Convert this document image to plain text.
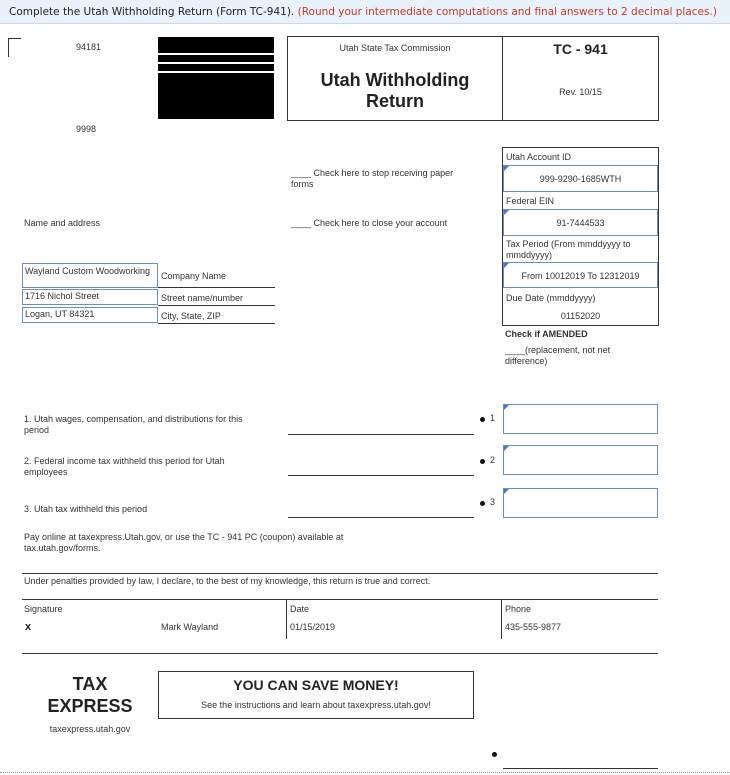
Complete the Utah Withholding Return (Form TC-941). (Round your intermediate computations and final answers to 2 decimal places.)
94181
9998
Utah State Tax Commission
Utah Withholding Return
TC - 941
Rev. 10/15
____ Check here to stop receiving paper forms
____ Check here to close your account
Utah Account ID
999-9290-1685WTH
Federal EIN
91-7444533
Tax Period (From mmddyyyy to mmddyyyy)
From 10012019 To 12312019
Due Date (mmddyyyy)
01152020
Check if AMENDED
____(replacement, not net difference)
Name and address
Wayland Custom Woodworking	Company Name
1716 Nichol Street	Street name/number
Logan, UT 84321	City, State, ZIP
1. Utah wages, compensation, and distributions for this period
1
2. Federal income tax withheld this period for Utah employees
2
3. Utah tax withheld this period
3
Pay online at taxexpress.Utah.gov, or use the TC - 941 PC (coupon) available at tax.utah.gov/forms.
Under penalties provided by law, I declare, to the best of my knowledge, this return is true and correct.
Signature
x	Mark Wayland
Date
01/15/2019
Phone
435-555-9877
TAX
EXPRESS
taxexpress.utah.gov
YOU CAN SAVE MONEY!
See the instructions and learn about taxexpress.utah.gov!
